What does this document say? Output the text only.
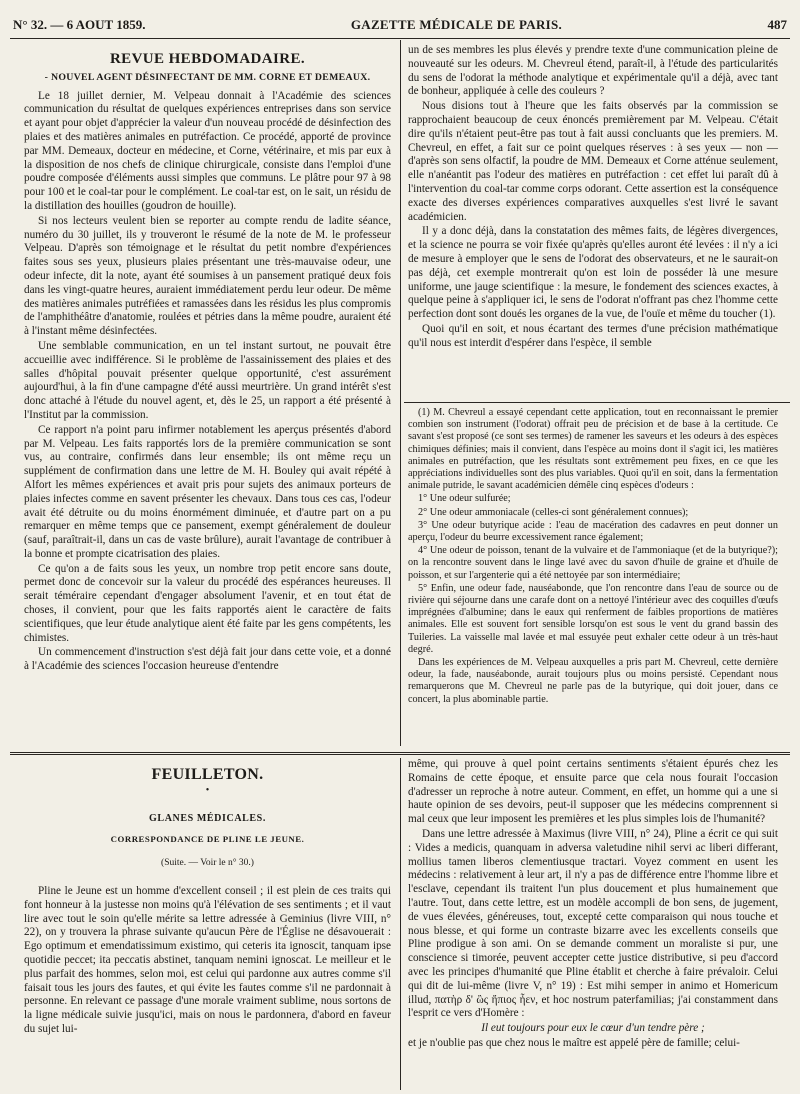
N° 32. — 6 AOUT 1859.	GAZETTE MÉDICALE DE PARIS.	487
REVUE HEBDOMADAIRE.
- NOUVEL AGENT DÉSINFECTANT DE MM. CORNE ET DEMEAUX.

Le 18 juillet dernier, M. Velpeau donnait à l'Académie des sciences communication du résultat de quelques expériences entreprises dans son service et ayant pour objet d'apprécier la valeur d'un nouveau procédé de désinfection des plaies et des matières animales en putréfaction. Ce procédé, apporté de province par MM. Demeaux, docteur en médecine, et Corne, vétérinaire, et mis par eux à la disposition de nos chefs de clinique chirurgicale, consiste dans l'emploi d'une poudre composée d'éléments aussi simples que communs. Le plâtre pour 97 à 98 pour 100 et le coal-tar pour le complément. Le coal-tar est, on le sait, un résidu de la distillation des houilles (goudron de houille).

Si nos lecteurs veulent bien se reporter au compte rendu de ladite séance, numéro du 30 juillet, ils y trouveront le résumé de la note de M. le professeur Velpeau. D'après son témoignage et le résultat du petit nombre d'expériences faites sous ses yeux, plusieurs plaies présentant une très-mauvaise odeur, une odeur infecte, dit la note, ayant été soumises à un pansement pratiqué deux fois dans les vingt-quatre heures, auraient immédiatement perdu leur odeur. De même des matières animales putréfiées et ramassées dans les résidus les plus compromis de l'amphithéâtre d'anatomie, roulées et pétries dans la même poudre, auraient été à l'instant même désinfectées.

Une semblable communication, en un tel instant surtout, ne pouvait être accueillie avec indifférence. Si le problème de l'assainissement des plaies et des salles d'hôpital pouvait présenter quelque opportunité, c'est assurément aujourd'hui, à la fin d'une campagne d'été aussi meurtrière. Un grand intérêt s'est donc attaché à l'étude du nouvel agent, et, dès le 25, un rapport a été présenté à l'Institut par la commission.

Ce rapport n'a point paru infirmer notablement les aperçus présentés d'abord par M. Velpeau. Les faits rapportés lors de la première communication se sont vus, au contraire, confirmés dans leur ensemble; ils ont même reçu un supplément de confirmation dans une lettre de M. H. Bouley qui avait répété à Alfort les mêmes expériences et avait pris pour sujets des animaux porteurs de plaies infectes comme en savent présenter les chevaux. Dans tous ces cas, l'odeur avait été détruite ou du moins énormément diminuée, et d'autre part on a pu remarquer en même temps que ce pansement, exempt généralement de douleur (sauf, paraîtrait-il, dans un cas de vaste brûlure), aurait l'avantage de contribuer à la bonne et prompte cicatrisation des plaies.

Ce qu'on a de faits sous les yeux, un nombre trop petit encore sans doute, permet donc de concevoir sur la valeur du procédé des espérances heureuses. Il serait téméraire cependant d'engager absolument l'avenir, et en tout état de choses, il convient, pour que les faits rapportés aient le caractère de faits scientifiques, que leur étude analytique aient été faite par les gens compétents, les chimistes.

Un commencement d'instruction s'est déjà fait jour dans cette voie, et a donné à l'Académie des sciences l'occasion heureuse d'entendre

un de ses membres les plus élevés y prendre texte d'une communication pleine de nouveauté sur les odeurs. M. Chevreul étend, paraît-il, à l'étude des particularités du sens de l'odorat la méthode analytique et expérimentale qu'il a déjà, avec tant de bonheur, appliquée à celle des couleurs ?

Nous disions tout à l'heure que les faits observés par la commission se rapprochaient beaucoup de ceux énoncés premièrement par M. Velpeau. C'était dire qu'ils n'étaient peut-être pas tout à fait aussi concluants que les premiers. M. Chevreul, en effet, a fait sur ce point quelques réserves : à ses yeux — non — d'après son sens olfactif, la poudre de MM. Demeaux et Corne atténue seulement, elle n'anéantit pas l'odeur des matières en putréfaction : cet effet lui paraît dû à l'intervention du coal-tar comme corps odorant. Cette assertion est la conséquence exacte des diverses expériences comparatives auxquelles s'est livré le savant académicien.

Il y a donc déjà, dans la constatation des mêmes faits, de légères divergences, et la science ne pourra se voir fixée qu'après qu'elles auront été levées : il n'y a ici de mesure à employer que le sens de l'odorat des observateurs, et ne le saurait-on pas déjà, cet exemple montrerait qu'on est loin de posséder là une mesure uniforme, une jauge scientifique : la mesure, le fondement des sciences exactes, à quelque peine à s'appliquer ici, le sens de l'odorat n'offrant pas chez l'homme cette perfection dont sont doués les organes de la vue, de l'ouïe et même du toucher (1).

Quoi qu'il en soit, et nous écartant des termes d'une précision mathématique qu'il nous est interdit d'espérer dans l'espèce, il semble

(1) M. Chevreul a essayé cependant cette application, tout en reconnaissant le premier combien son instrument (l'odorat) offrait peu de précision et de base à la certitude. Ce savant s'est proposé (ce sont ses termes) de ramener les saveurs et les odeurs à des espèces chimiques définies; mais il convient, dans l'espèce au moins dont il s'agit ici, les matières animales en putréfaction, que les résultats sont extrêmement peu fixes, en ce que les appréciations individuelles sont des plus variables. Quoi qu'il en soit, dans la fermentation animale putride, le savant académicien démêle cinq espèces d'odeurs :

1° Une odeur sulfurée;

2° Une odeur ammoniacale (celles-ci sont généralement connues);

3° Une odeur butyrique acide : l'eau de macération des cadavres en peut donner un aperçu, l'odeur du beurre excessivement rance également;

4° Une odeur de poisson, tenant de la vulvaire et de l'ammoniaque (et de la butyrique?); on la rencontre souvent dans le linge lavé avec du savon d'huile de graine et d'huile de poisson, et sur l'argenterie qui a été nettoyée par son intermédiaire;

5° Enfin, une odeur fade, nauséabonde, que l'on rencontre dans l'eau de source ou de rivière qui séjourne dans une carafe dont on a nettoyé l'intérieur avec des coquilles d'œufs imprégnées d'albumine; dans le eaux qui renferment de faibles proportions de matières animales. Elle est souvent fort sensible lorsqu'on est sous le vent du grand bassin des Tuileries. La vaisselle mal lavée et mal essuyée peut exhaler cette odeur à un très-haut degré.

Dans les expériences de M. Velpeau auxquelles a pris part M. Chevreul, cette dernière odeur, la fade, nauséabonde, aurait toujours plus ou moins persisté. Cependant nous remarquerons que M. Chevreul ne parle pas de la butyrique, qui doit jouer, dans ce concert, la plus abominable partie.

FEUILLETON.
•
GLANES MÉDICALES.
CORRESPONDANCE DE PLINE LE JEUNE.
(Suite. — Voir le n° 30.)

Pline le Jeune est un homme d'excellent conseil ; il est plein de ces traits qui font honneur à la justesse non moins qu'à l'élévation de ses sentiments ; et il vaut lire avec tout le soin qu'elle mérite sa lettre adressée à Geminius (livre VIII, n° 22), on y trouvera la phrase suivante qu'aucun Père de l'Église ne désavouerait : Ego optimum et emendatissimum existimo, qui ceteris ita ignoscit, tanquam ipse quotidie peccet; ita peccatis abstinet, tanquam nemini ignoscat. Le meilleur et le plus parfait des hommes, selon moi, est celui qui pardonne aux autres comme s'il faisait tous les jours des fautes, et qui évite les fautes comme s'il ne pardonnait à personne. En relevant ce passage d'une morale vraiment sublime, nous sortons de la ligne médicale suivie jusqu'ici, mais on nous le pardonnera, d'abord en faveur du sujet lui-

même, qui prouve à quel point certains sentiments s'étaient épurés chez les Romains de cette époque, et ensuite parce que cela nous fourait l'occasion d'adresser un reproche à notre auteur. Comment, en effet, un homme qui a une si haute opinion de ses devoirs, peut-il supposer que les médecins comprennent si mal ceux que leur imposent les premières et les plus simples lois de l'humanité?

Dans une lettre adressée à Maximus (livre VIII, n° 24), Pline a écrit ce qui suit : Vides a medicis, quanquam in adversa valetudine nihil servi ac liberi differant, mollius tamen liberos clementiusque tractari. Voyez comment en usent les médecins : relativement à leur art, il n'y a pas de différence entre l'homme libre et l'esclave, cependant ils traitent l'un plus doucement et plus humainement que l'autre. Tout, dans cette lettre, est un modèle accompli de bon sens, de jugement, de vues élevées, généreuses, tout, excepté cette comparaison qui nous touche et nous blesse, et qui forme un contraste bizarre avec les excellents conseils que Pline prodigue à son ami. On se demande comment un moraliste si pur, une conscience si timorée, peuvent accepter cette justice distributive, si peu d'accord avec les principes d'humanité que Pline établit et cherche à faire prévaloir. Celui qui dit de lui-même (livre V, n° 19) : Est mihi semper in animo et Homericum illud, πατὴρ δ' ὣς ἤπιος ἦεν, et hoc nostrum paterfamilias; j'ai constamment dans l'esprit ce vers d'Homère :

Il eut toujours pour eux le cœur d'un tendre père ;

et je n'oublie pas que chez nous le maître est appelé père de famille; celui-
